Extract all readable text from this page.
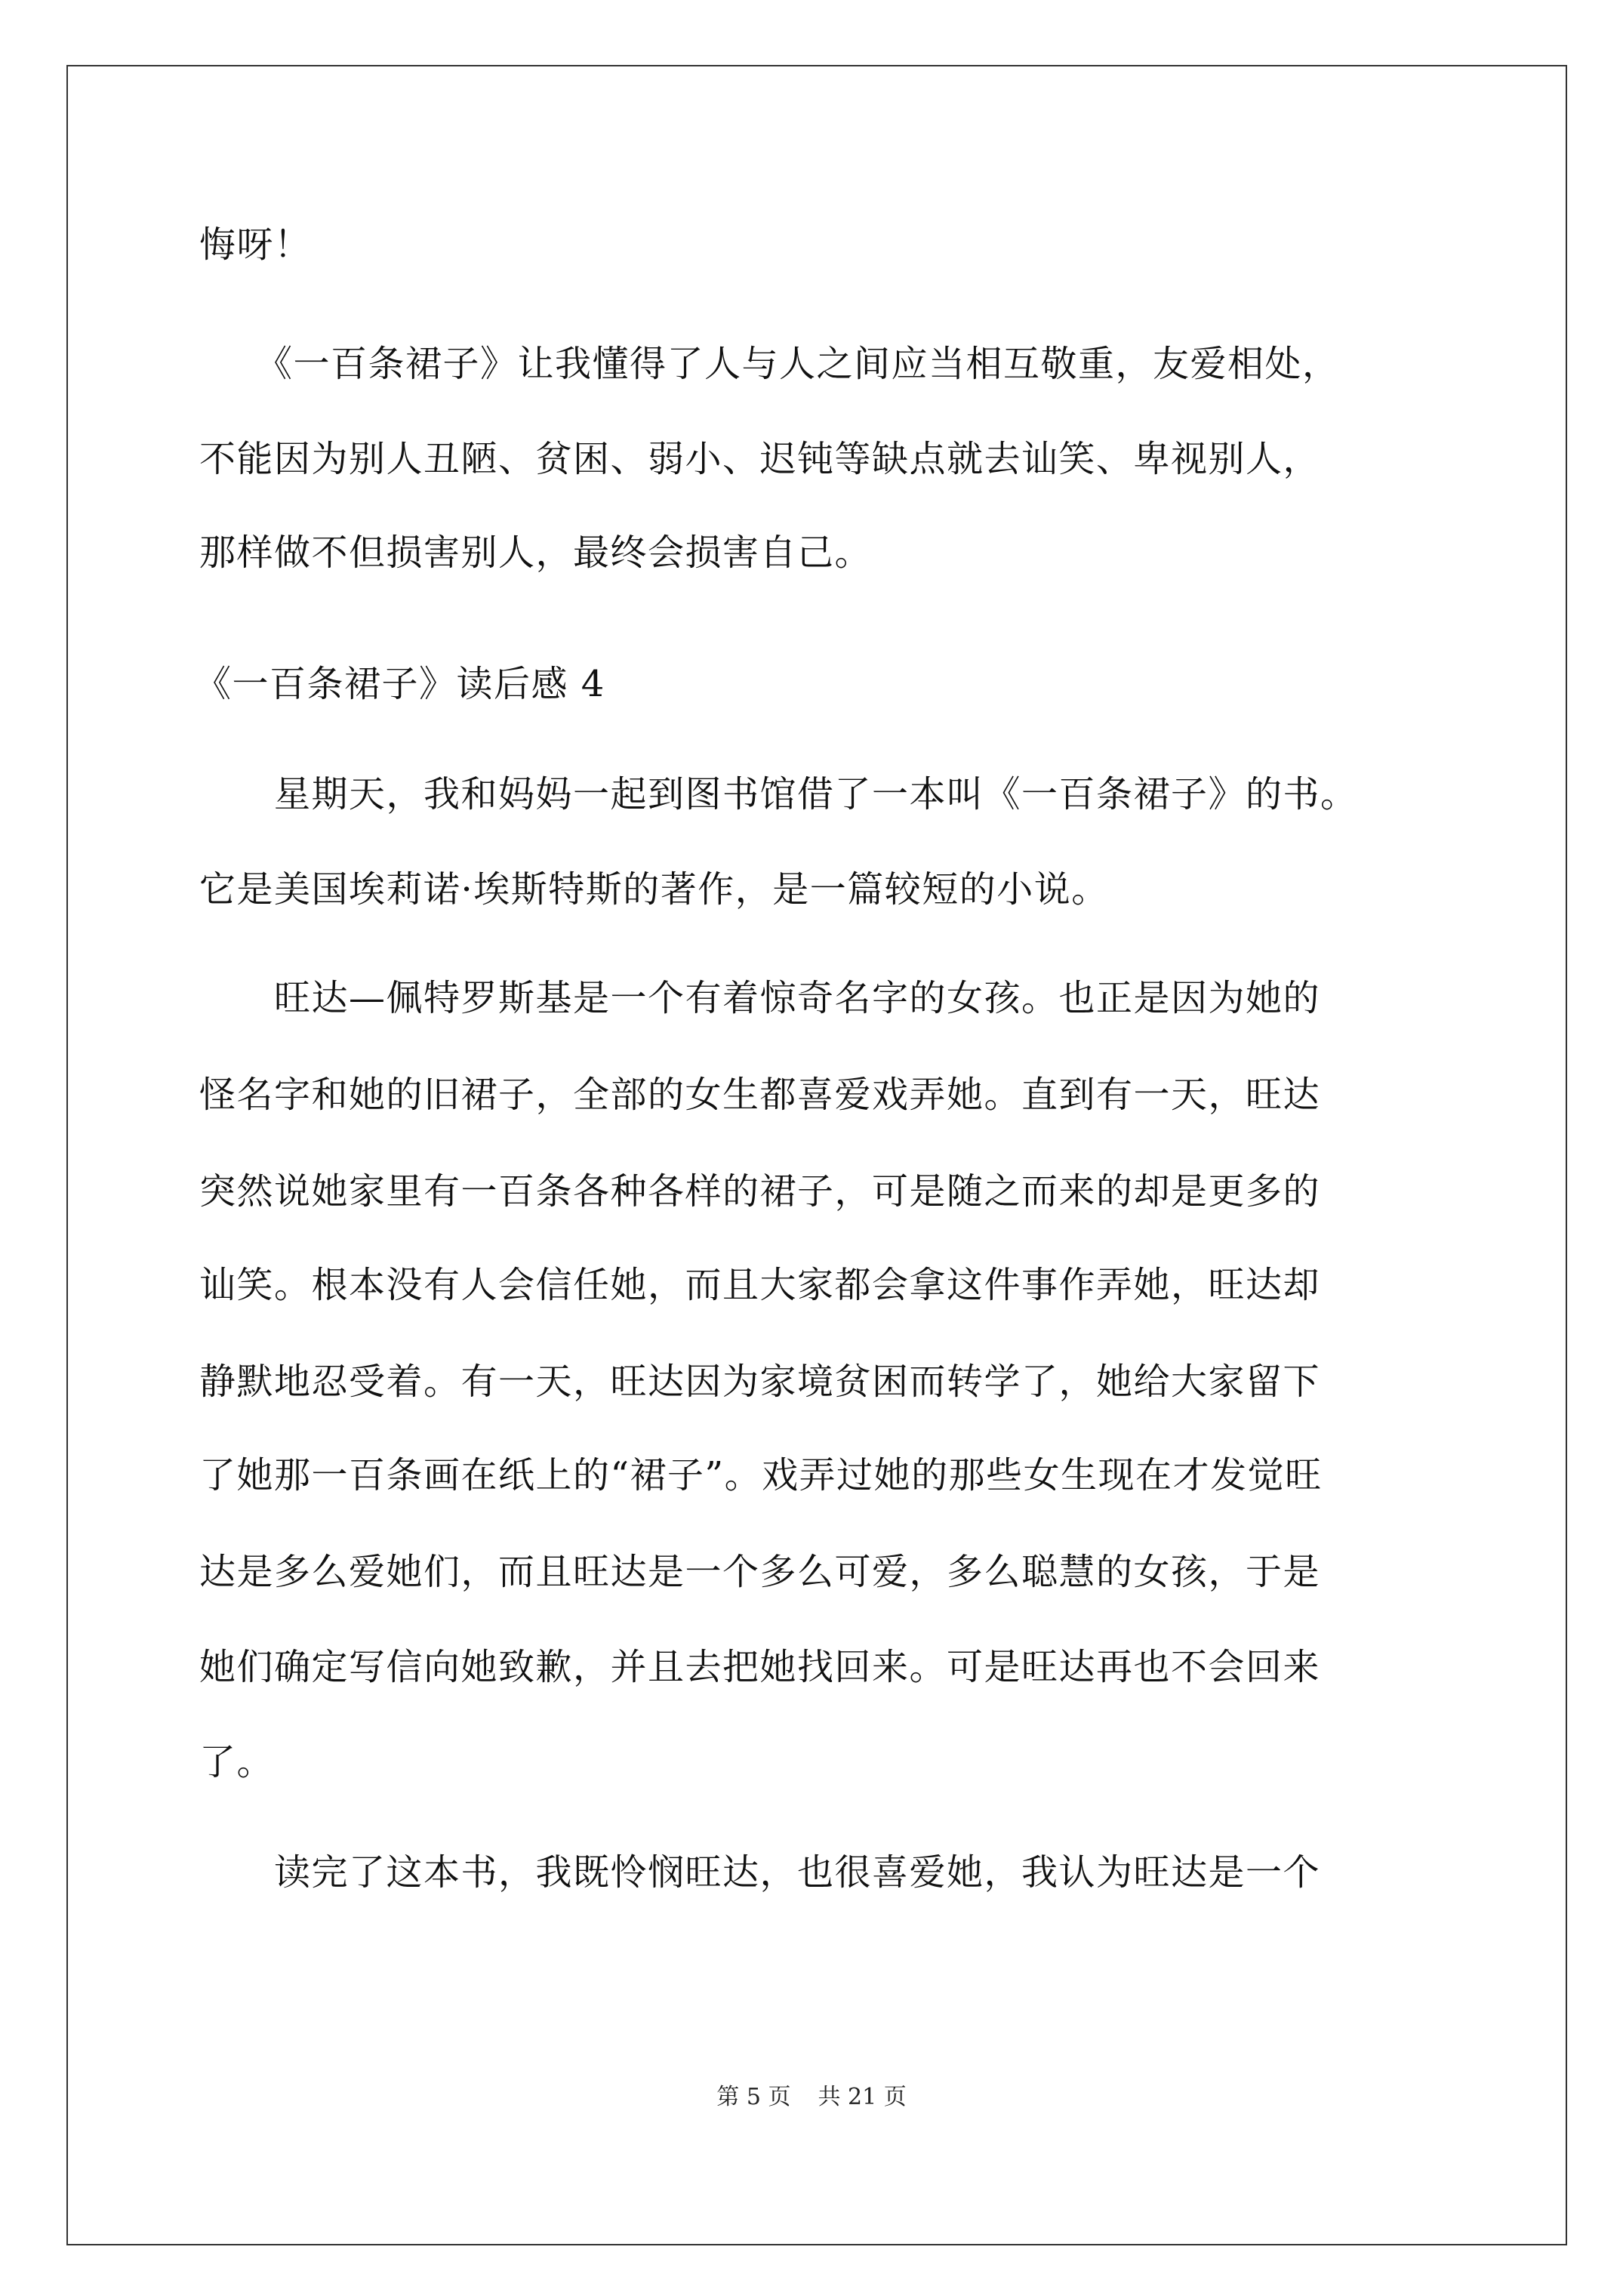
悔呀！
　　《一百条裙子》让我懂得了人与人之间应当相互敬重，友爱相处，
不能因为别人丑陋、贫困、弱小、迟钝等缺点就去讪笑、卑视别人，
那样做不但损害别人，最终会损害自己。
《一百条裙子》读后感 4
　　星期天，我和妈妈一起到图书馆借了一本叫《一百条裙子》的书。
它是美国埃莉诺·埃斯特斯的著作，是一篇较短的小说。
　　旺达—佩特罗斯基是一个有着惊奇名字的女孩。也正是因为她的
怪名字和她的旧裙子，全部的女生都喜爱戏弄她。直到有一天，旺达
突然说她家里有一百条各种各样的裙子，可是随之而来的却是更多的
讪笑。根本没有人会信任她，而且大家都会拿这件事作弄她，旺达却
静默地忍受着。有一天，旺达因为家境贫困而转学了，她给大家留下
了她那一百条画在纸上的“裙子”。戏弄过她的那些女生现在才发觉旺
达是多么爱她们，而且旺达是一个多么可爱，多么聪慧的女孩，于是
她们确定写信向她致歉，并且去把她找回来。可是旺达再也不会回来
了。
　　读完了这本书，我既怜悯旺达，也很喜爱她，我认为旺达是一个
第 5 页 共 21 页
